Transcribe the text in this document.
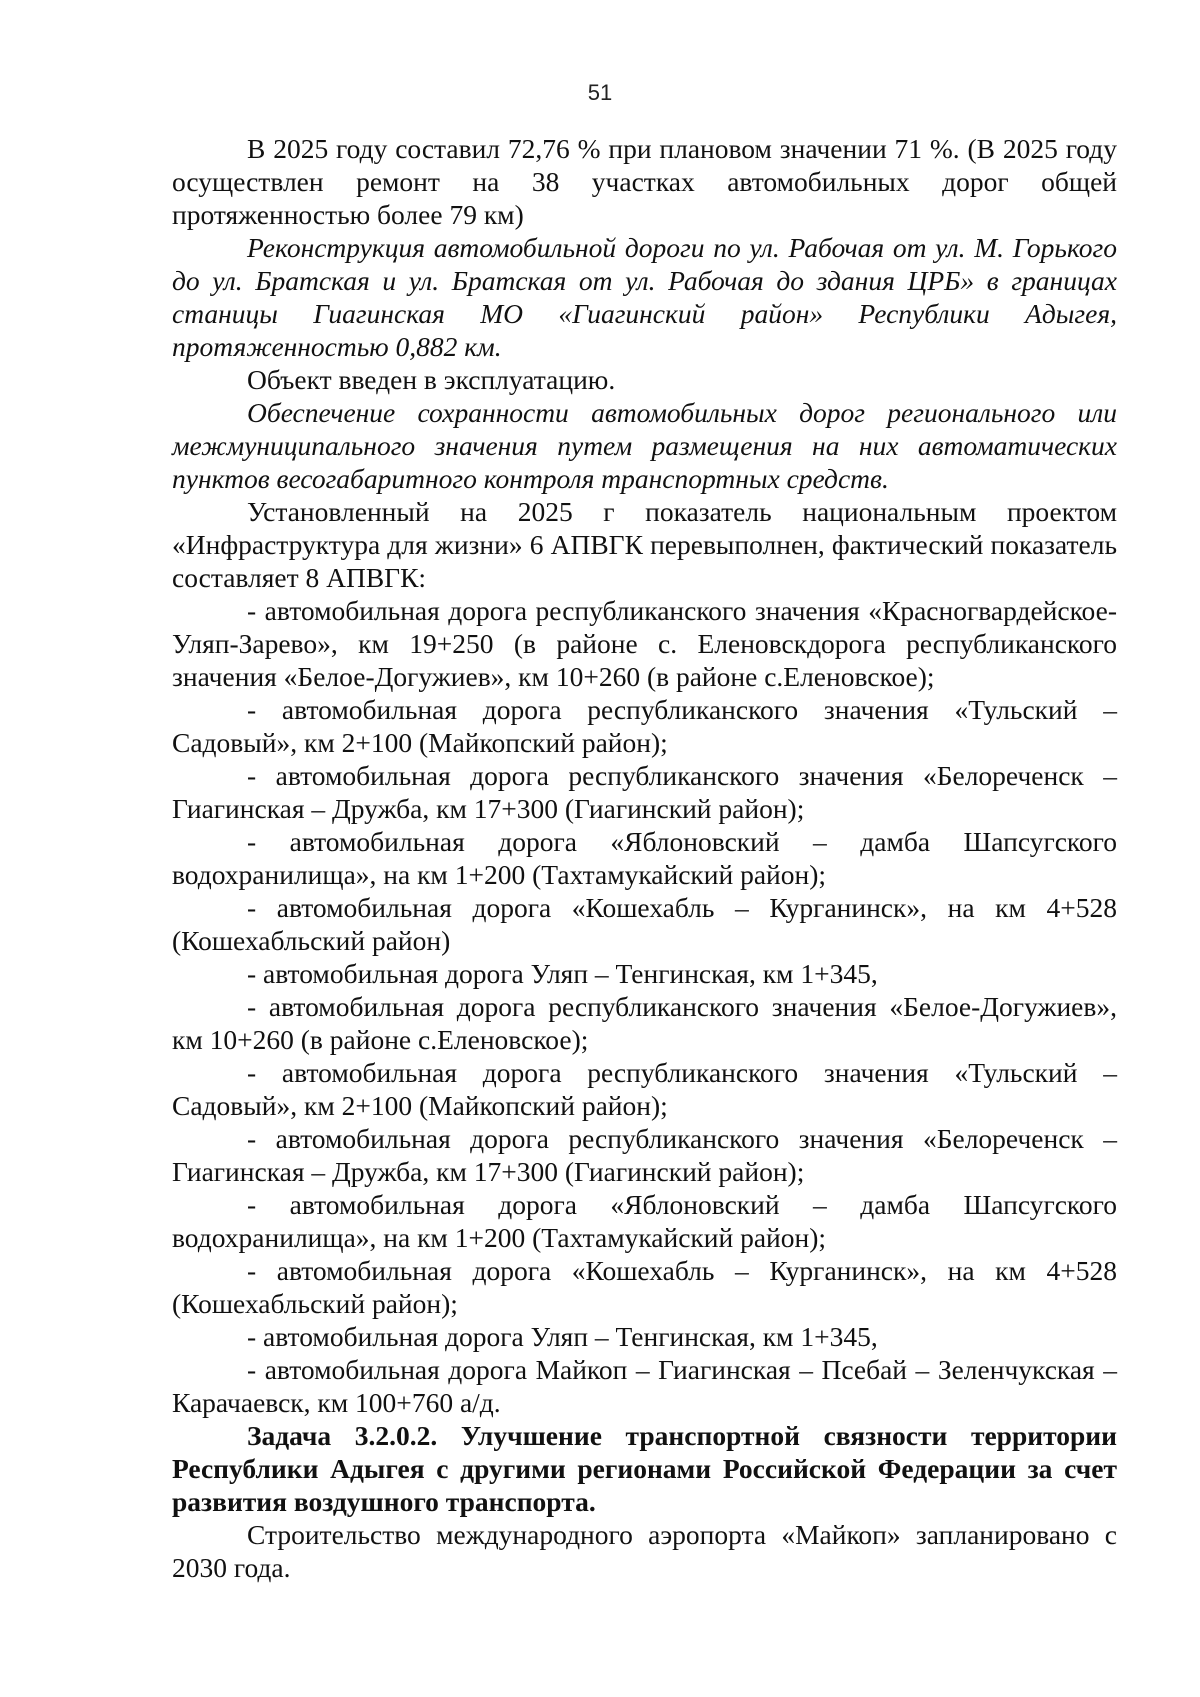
51

В 2025 году составил 72,76 % при плановом значении 71 %. (В 2025 году осуществлен ремонт на 38 участках автомобильных дорог общей протяженностью более 79 км)

Реконструкция автомобильной дороги по ул. Рабочая от ул. М. Горького до ул. Братская и ул. Братская от ул. Рабочая до здания ЦРБ» в границах станицы Гиагинская МО «Гиагинский район» Республики Адыгея, протяженностью 0,882 км.

Объект введен в эксплуатацию.

Обеспечение сохранности автомобильных дорог регионального или межмуниципального значения путем размещения на них автоматических пунктов весогабаритного контроля транспортных средств.

Установленный на 2025 г показатель национальным проектом «Инфраструктура для жизни» 6 АПВГК перевыполнен, фактический показатель составляет 8 АПВГК:

- автомобильная дорога республиканского значения «Красногвардейское-Уляп-Зарево», км 19+250 (в районе с. Еленовскдорога республиканского значения «Белое-Догужиев», км 10+260 (в районе с.Еленовское);

- автомобильная дорога республиканского значения «Тульский – Садовый», км 2+100 (Майкопский район);

- автомобильная дорога республиканского значения «Белореченск – Гиагинская – Дружба, км 17+300 (Гиагинский район);

- автомобильная дорога «Яблоновский – дамба Шапсугского водохранилища», на км 1+200 (Тахтамукайский район);

- автомобильная дорога «Кошехабль – Курганинск», на км 4+528 (Кошехабльский район)

- автомобильная дорога Уляп – Тенгинская, км 1+345,

- автомобильная дорога республиканского значения «Белое-Догужиев», км 10+260 (в районе с.Еленовское);

- автомобильная дорога республиканского значения «Тульский – Садовый», км 2+100 (Майкопский район);

- автомобильная дорога республиканского значения «Белореченск – Гиагинская – Дружба, км 17+300 (Гиагинский район);

- автомобильная дорога «Яблоновский – дамба Шапсугского водохранилища», на км 1+200 (Тахтамукайский район);

- автомобильная дорога «Кошехабль – Курганинск», на км 4+528 (Кошехабльский район);

- автомобильная дорога Уляп – Тенгинская, км 1+345,

- автомобильная дорога Майкоп – Гиагинская – Псебай – Зеленчукская – Карачаевск, км 100+760 а/д.

Задача 3.2.0.2. Улучшение транспортной связности территории Республики Адыгея с другими регионами Российской Федерации за счет развития воздушного транспорта.

Строительство международного аэропорта «Майкоп» запланировано с 2030 года.
